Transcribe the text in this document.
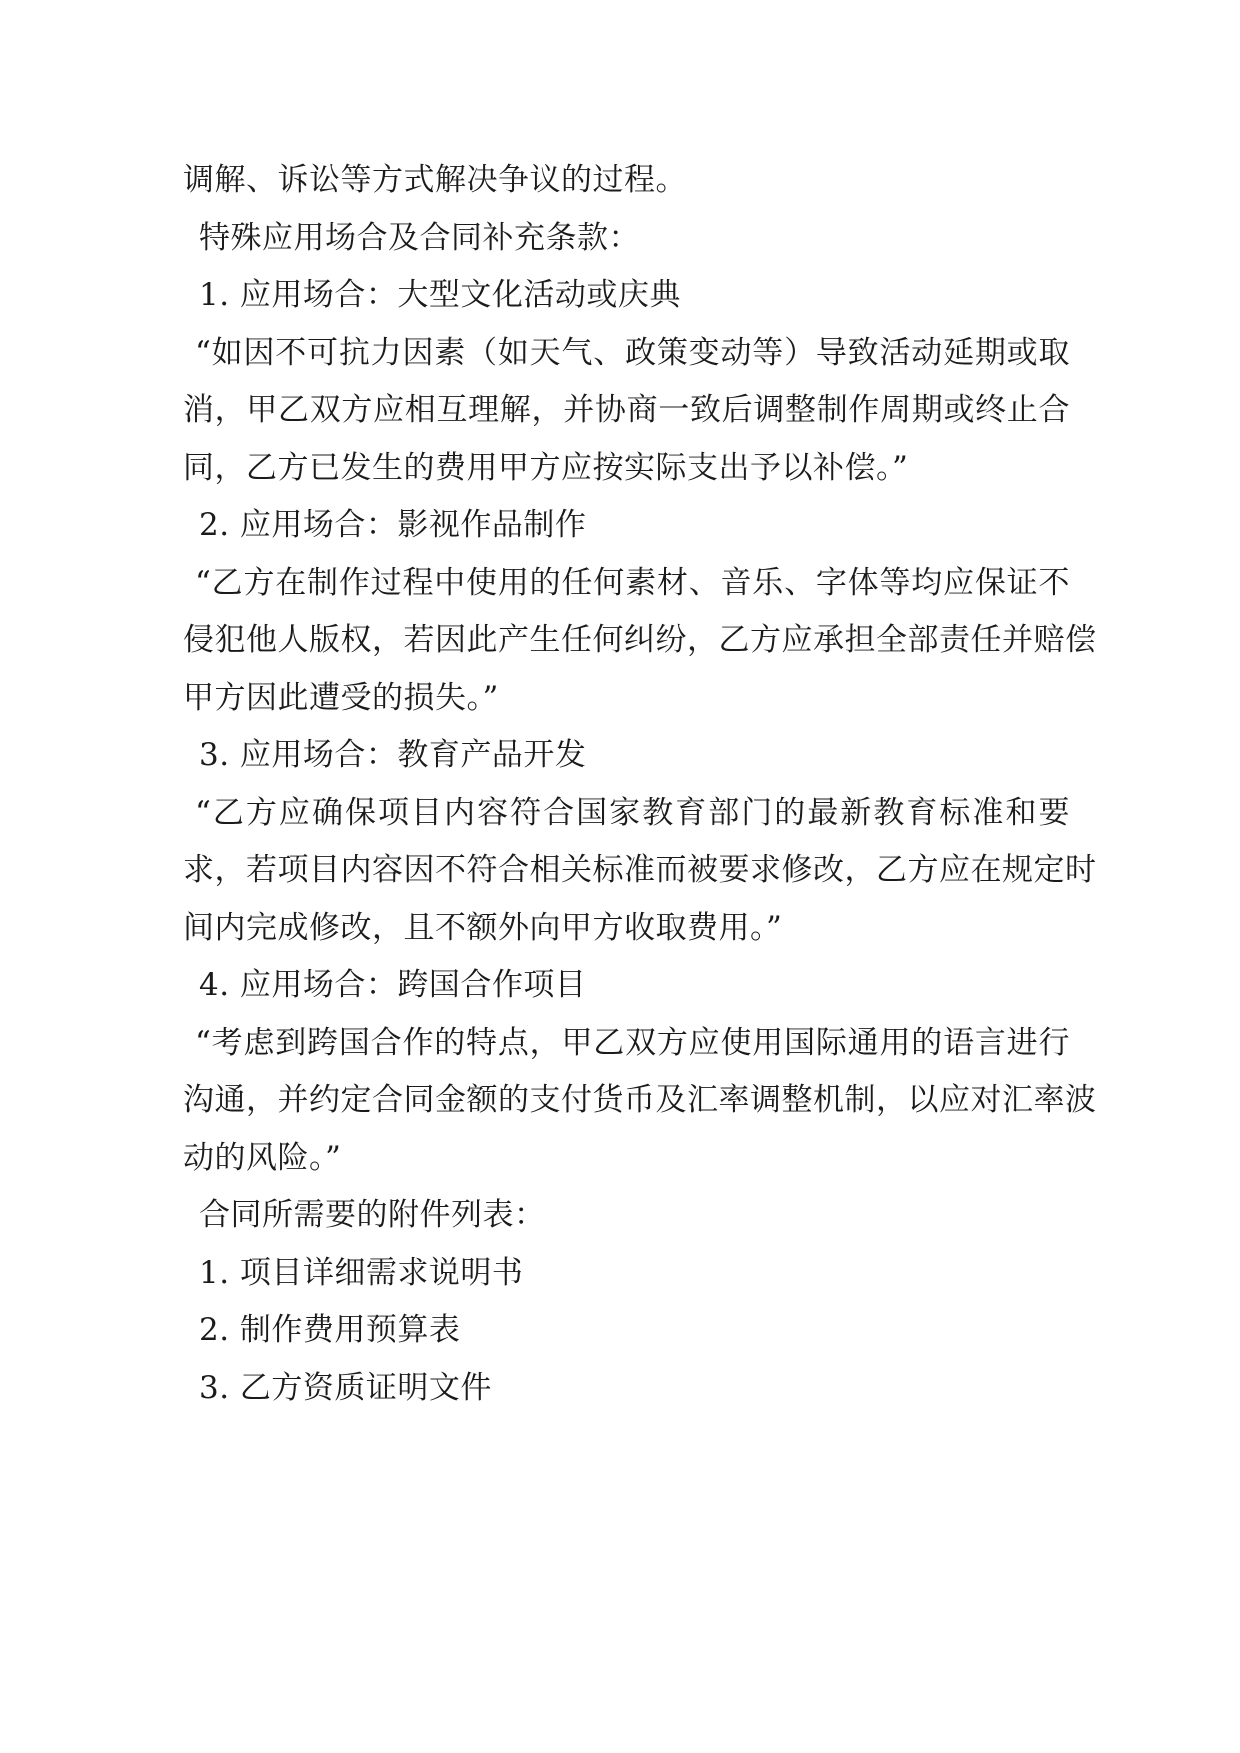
调解、诉讼等方式解决争议的过程。
特殊应用场合及合同补充条款：
1. 应用场合：大型文化活动或庆典
“如因不可抗力因素（如天气、政策变动等）导致活动延期或取
消，甲乙双方应相互理解，并协商一致后调整制作周期或终止合
同，乙方已发生的费用甲方应按实际支出予以补偿。”
2. 应用场合：影视作品制作
“乙方在制作过程中使用的任何素材、音乐、字体等均应保证不
侵犯他人版权，若因此产生任何纠纷，乙方应承担全部责任并赔偿
甲方因此遭受的损失。”
3. 应用场合：教育产品开发
“乙方应确保项目内容符合国家教育部门的最新教育标准和要
求，若项目内容因不符合相关标准而被要求修改，乙方应在规定时
间内完成修改，且不额外向甲方收取费用。”
4. 应用场合：跨国合作项目
“考虑到跨国合作的特点，甲乙双方应使用国际通用的语言进行
沟通，并约定合同金额的支付货币及汇率调整机制，以应对汇率波
动的风险。”
合同所需要的附件列表：
1. 项目详细需求说明书
2. 制作费用预算表
3. 乙方资质证明文件
